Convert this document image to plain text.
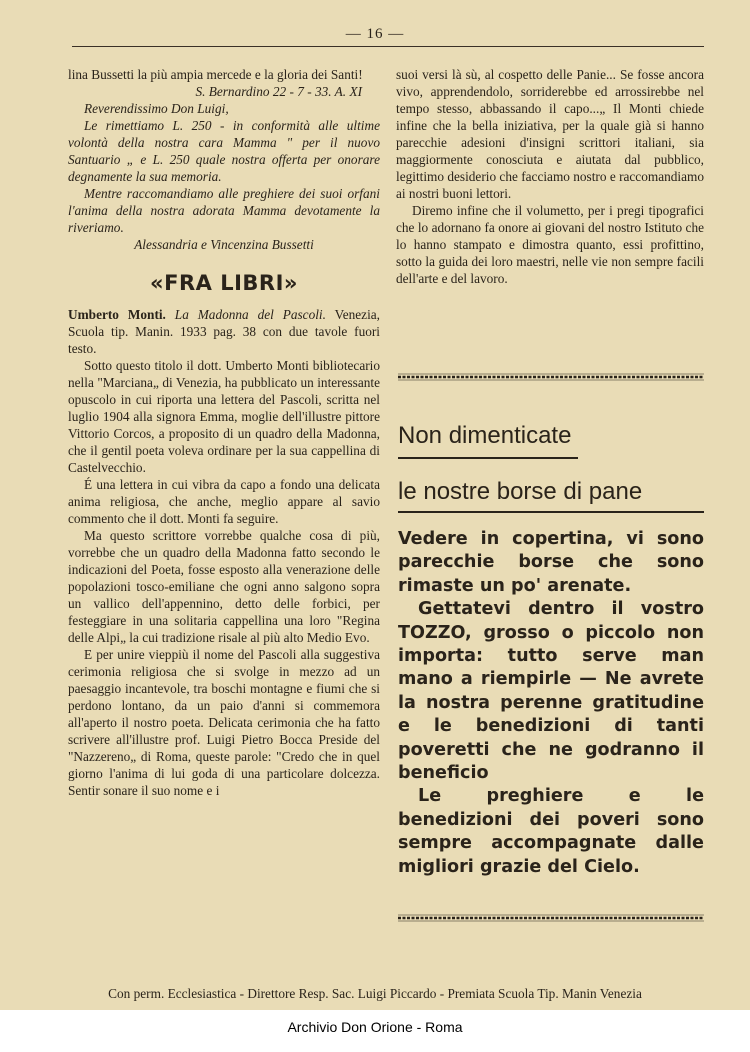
— 16 —

lina Bussetti la più ampia mercede e la gloria dei Santi!

S. Bernardino 22 - 7 - 33. A. XI

Reverendissimo Don Luigi,

Le rimettiamo L. 250 - in conformità alle ultime volontà della nostra cara Mamma " per il nuovo Santuario „ e L. 250 quale nostra offerta per onorare degnamente la sua memoria.

Mentre raccomandiamo alle preghiere dei suoi orfani l'anima della nostra adorata Mamma devotamente la riveriamo.

Alessandria e Vincenzina Bussetti

«FRA LIBRI»

Umberto Monti. La Madonna del Pascoli. Venezia, Scuola tip. Manin. 1933 pag. 38 con due tavole fuori testo.

Sotto questo titolo il dott. Umberto Monti bibliotecario nella "Marciana„ di Venezia, ha pubblicato un interessante opuscolo in cui riporta una lettera del Pascoli, scritta nel luglio 1904 alla signora Emma, moglie dell'illustre pittore Vittorio Corcos, a proposito di un quadro della Madonna, che il gentil poeta voleva ordinare per la sua cappellina di Castelvecchio.

É una lettera in cui vibra da capo a fondo una delicata anima religiosa, che anche, meglio appare al savio commento che il dott. Monti fa seguire.

Ma questo scrittore vorrebbe qualche cosa di più, vorrebbe che un quadro della Madonna fatto secondo le indicazioni del Poeta, fosse esposto alla venerazione delle popolazioni tosco-emiliane che ogni anno salgono sopra un vallico dell'appennino, detto delle forbici, per festeggiare in una solitaria cappellina una loro "Regina delle Alpi„ la cui tradizione risale al più alto Medio Evo.

E per unire vieppiù il nome del Pascoli alla suggestiva cerimonia religiosa che si svolge in mezzo ad un paesaggio incantevole, tra boschi montagne e fiumi che si perdono lontano, da un paio d'anni si commemora all'aperto il nostro poeta. Delicata cerimonia che ha fatto scrivere all'illustre prof. Luigi Pietro Bocca Preside del "Nazzereno„ di Roma, queste parole: "Credo che in quel giorno l'anima di lui goda di una particolare dolcezza. Sentir sonare il suo nome e i

suoi versi là sù, al cospetto delle Panie... Se fosse ancora vivo, apprendendolo, sorriderebbe ed arrossirebbe nel tempo stesso, abbassando il capo...„ Il Monti chiede infine che la bella iniziativa, per la quale già si hanno parecchie adesioni d'insigni scrittori italiani, sia maggiormente conosciuta e aiutata dal pubblico, legittimo desiderio che facciamo nostro e raccomandiamo ai nostri buoni lettori.

Diremo infine che il volumetto, per i pregi tipografici che lo adornano fa onore ai giovani del nostro Istituto che lo hanno stampato e dimostra quanto, essi profittino, sotto la guida dei loro maestri, nelle vie non sempre facili dell'arte e del lavoro.

Non dimenticate
le nostre borse di pane

Vedere in copertina, vi sono parecchie borse che sono rimaste un po' arenate.

Gettatevi dentro il vostro TOZZO, grosso o piccolo non importa: tutto serve man mano a riempirle — Ne avrete la nostra perenne gratitudine e le benedizioni di tanti poveretti che ne godranno il beneficio

Le preghiere e le benedizioni dei poveri sono sempre accompagnate dalle migliori grazie del Cielo.

Con perm. Ecclesiastica - Direttore Resp. Sac. Luigi Piccardo - Premiata Scuola Tip. Manin Venezia
Archivio Don Orione - Roma
